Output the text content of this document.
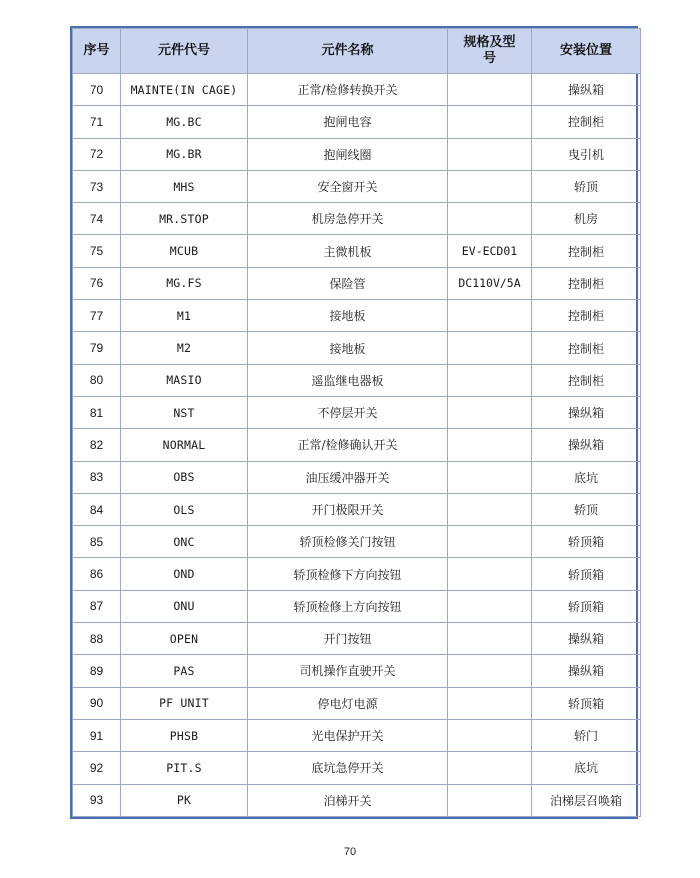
序号	元件代号	元件名称	规格及型号	安装位置
70	MAINTE(IN CAGE)	正常/检修转换开关		操纵箱
71	MG.BC	抱闸电容		控制柜
72	MG.BR	抱闸线圈		曳引机
73	MHS	安全窗开关		轿顶
74	MR.STOP	机房急停开关		机房
75	MCUB	主微机板	EV-ECD01	控制柜
76	MG.FS	保险管	DC110V/5A	控制柜
77	M1	接地板		控制柜
79	M2	接地板		控制柜
80	MASIO	遥监继电器板		控制柜
81	NST	不停层开关		操纵箱
82	NORMAL	正常/检修确认开关		操纵箱
83	OBS	油压缓冲器开关		底坑
84	OLS	开门极限开关		轿顶
85	ONC	轿顶检修关门按钮		轿顶箱
86	OND	轿顶检修下方向按钮		轿顶箱
87	ONU	轿顶检修上方向按钮		轿顶箱
88	OPEN	开门按钮		操纵箱
89	PAS	司机操作直驶开关		操纵箱
90	PF UNIT	停电灯电源		轿顶箱
91	PHSB	光电保护开关		轿门
92	PIT.S	底坑急停开关		底坑
93	PK	泊梯开关		泊梯层召唤箱
70
